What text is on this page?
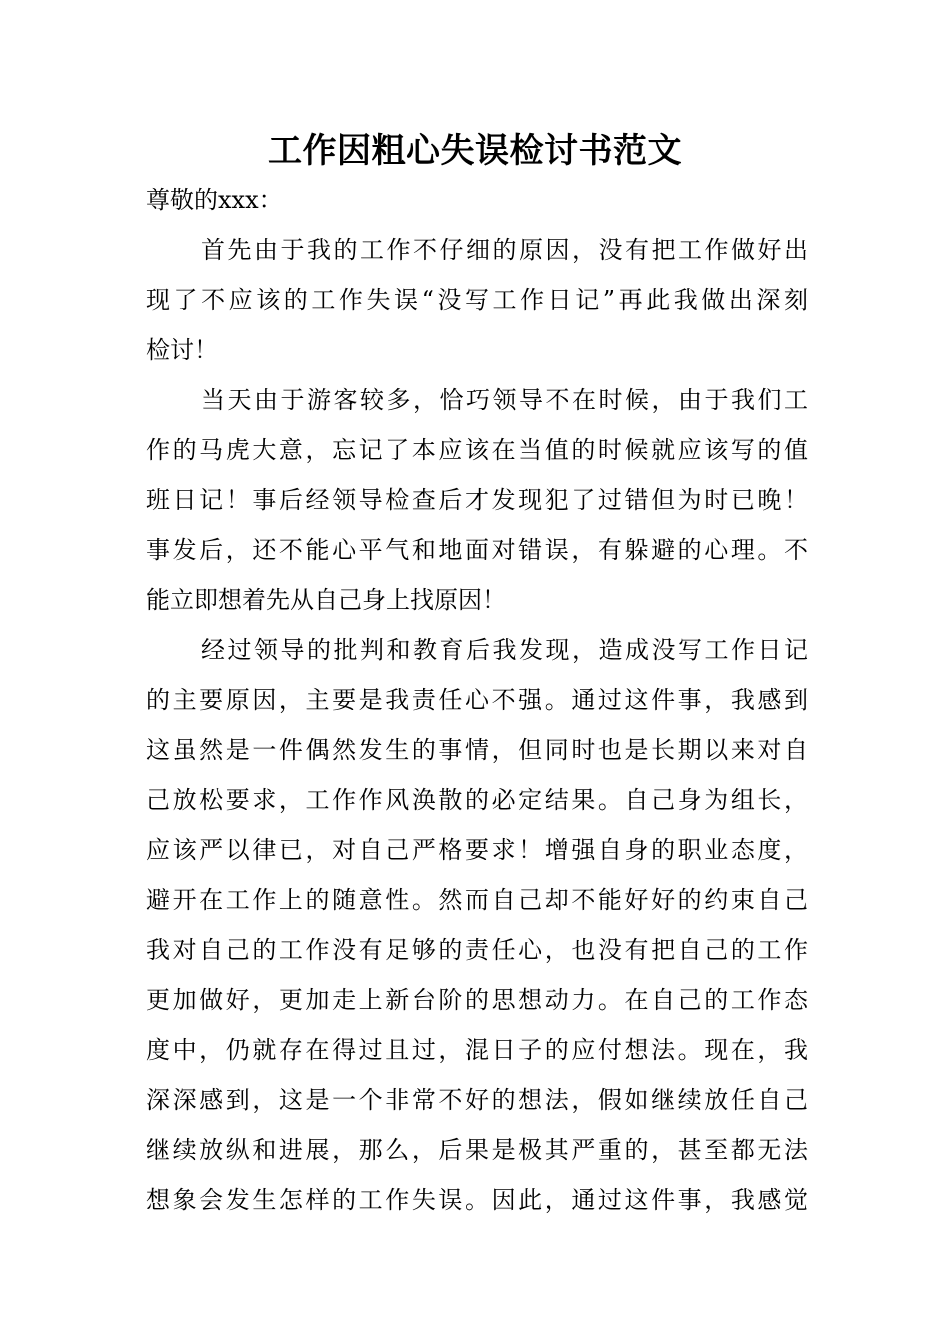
工作因粗心失误检讨书范文

尊敬的xxx：

首先由于我的工作不仔细的原因，没有把工作做好出
现了不应该的工作失误“没写工作日记”再此我做出深刻
检讨！
当天由于游客较多，恰巧领导不在时候，由于我们工
作的马虎大意，忘记了本应该在当值的时候就应该写的值
班日记！事后经领导检查后才发现犯了过错但为时已晚！
事发后，还不能心平气和地面对错误，有躲避的心理。不
能立即想着先从自己身上找原因！
经过领导的批判和教育后我发现，造成没写工作日记
的主要原因，主要是我责任心不强。通过这件事，我感到
这虽然是一件偶然发生的事情，但同时也是长期以来对自
己放松要求，工作作风涣散的必定结果。自己身为组长，
应该严以律已，对自己严格要求！增强自身的职业态度，
避开在工作上的随意性。然而自己却不能好好的约束自己
我对自己的工作没有足够的责任心，也没有把自己的工作
更加做好，更加走上新台阶的思想动力。在自己的工作态
度中，仍就存在得过且过，混日子的应付想法。现在，我
深深感到，这是一个非常不好的想法，假如继续放任自己
继续放纵和进展，那么，后果是极其严重的，甚至都无法
想象会发生怎样的工作失误。因此，通过这件事，我感觉
